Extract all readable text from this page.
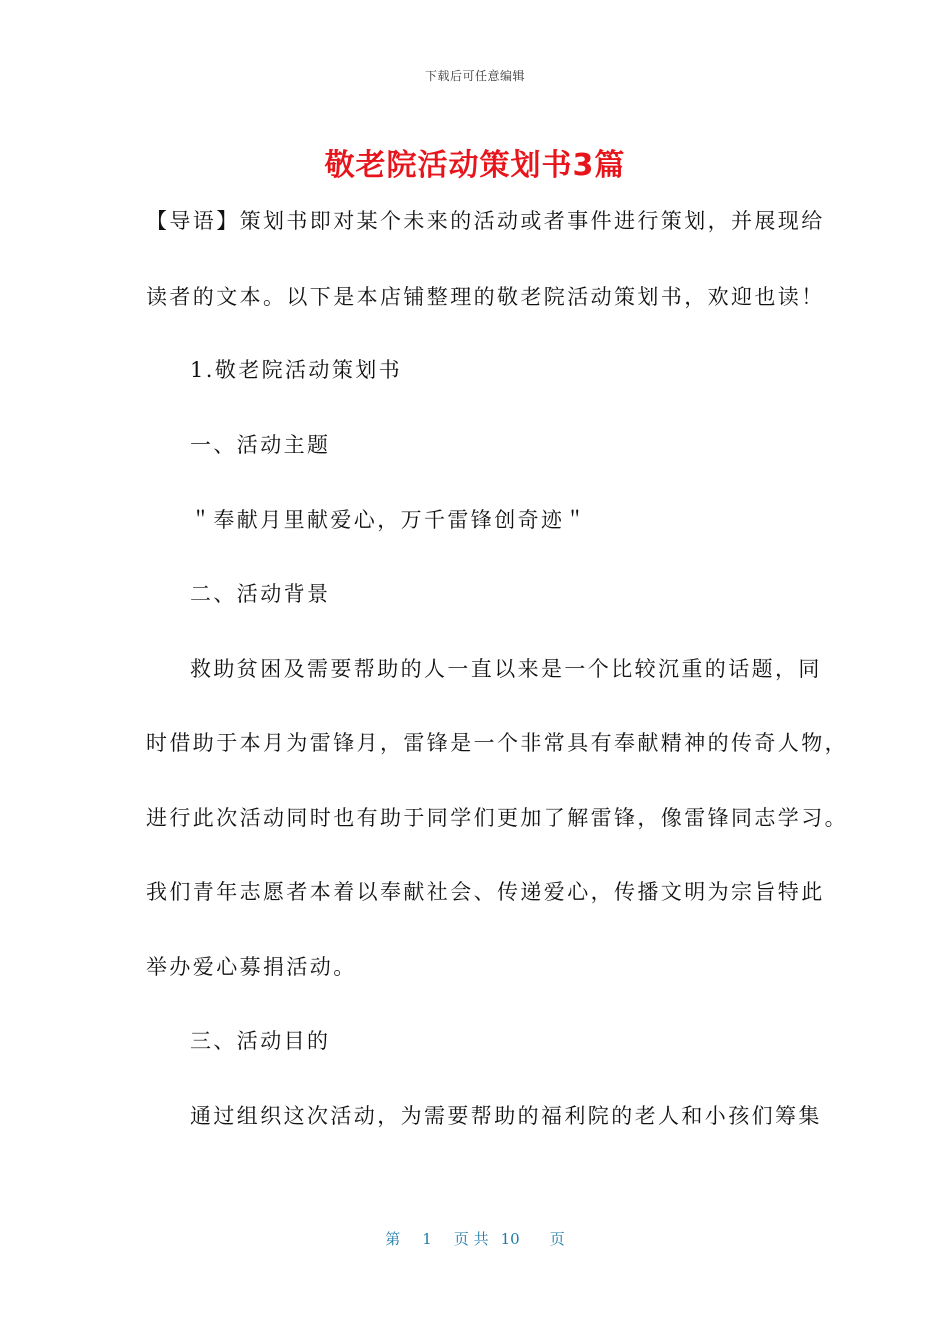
下载后可任意编辑
敬老院活动策划书3篇
【导语】策划书即对某个未来的活动或者事件进行策划，并展现给
读者的文本。以下是本店铺整理的敬老院活动策划书，欢迎也读！
1.敬老院活动策划书
一、活动主题
＂奉献月里献爱心，万千雷锋创奇迹＂
二、活动背景
救助贫困及需要帮助的人一直以来是一个比较沉重的话题，同
时借助于本月为雷锋月，雷锋是一个非常具有奉献精神的传奇人物，
进行此次活动同时也有助于同学们更加了解雷锋，像雷锋同志学习。
我们青年志愿者本着以奉献社会、传递爱心，传播文明为宗旨特此
举办爱心募捐活动。
三、活动目的
通过组织这次活动，为需要帮助的福利院的老人和小孩们筹集
第 1 页 共 10 页
